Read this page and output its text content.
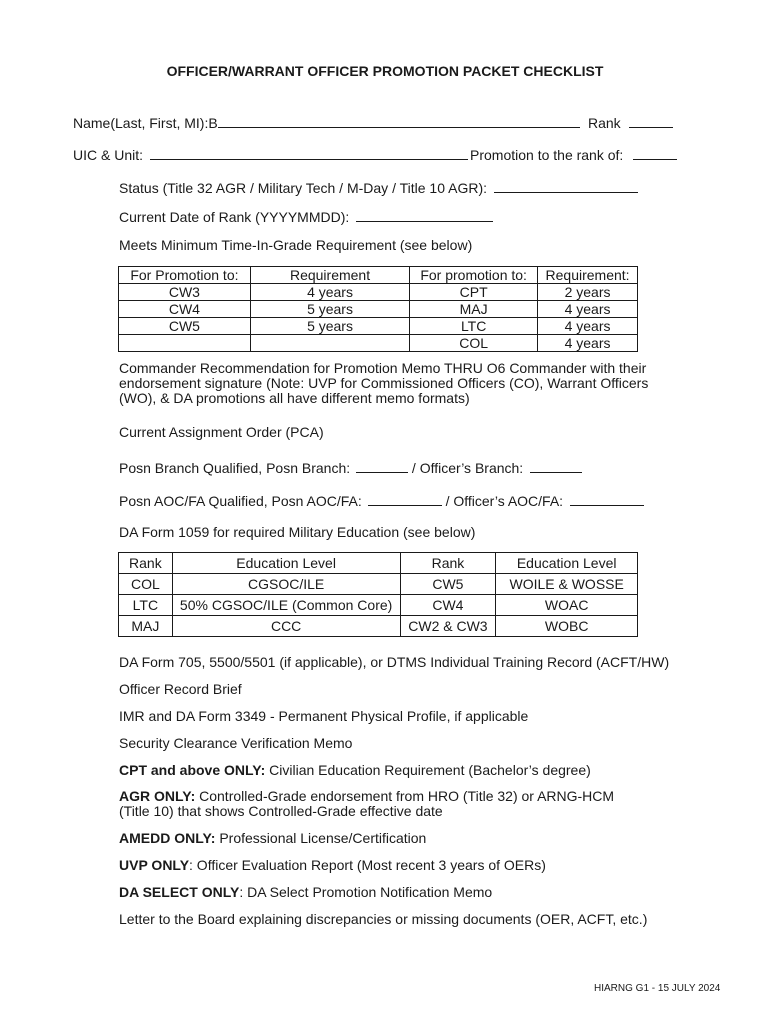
OFFICER/WARRANT OFFICER PROMOTION PACKET CHECKLIST
Name(Last, First, MI):B	Rank
UIC & Unit:	Promotion to the rank of:
Status (Title 32 AGR / Military Tech / M-Day / Title 10 AGR):
Current Date of Rank (YYYYMMDD):
Meets Minimum Time-In-Grade Requirement (see below)
For Promotion to:	Requirement	For promotion to:	Requirement:
CW3	4 years	CPT	2 years
CW4	5 years	MAJ	4 years
CW5	5 years	LTC	4 years
		COL	4 years
Commander Recommendation for Promotion Memo THRU O6 Commander with their endorsement signature (Note: UVP for Commissioned Officers (CO), Warrant Officers (WO), & DA promotions all have different memo formats)
Current Assignment Order (PCA)
Posn Branch Qualified, Posn Branch:	/ Officer’s Branch:
Posn AOC/FA Qualified, Posn AOC/FA:	/ Officer’s AOC/FA:
DA Form 1059 for required Military Education (see below)
Rank	Education Level	Rank	Education Level
COL	CGSOC/ILE	CW5	WOILE & WOSSE
LTC	50% CGSOC/ILE (Common Core)	CW4	WOAC
MAJ	CCC	CW2 & CW3	WOBC
DA Form 705, 5500/5501 (if applicable), or DTMS Individual Training Record (ACFT/HW)
Officer Record Brief
IMR and DA Form 3349 - Permanent Physical Profile, if applicable
Security Clearance Verification Memo
CPT and above ONLY: Civilian Education Requirement (Bachelor’s degree)
AGR ONLY: Controlled-Grade endorsement from HRO (Title 32) or ARNG-HCM (Title 10) that shows Controlled-Grade effective date
AMEDD ONLY: Professional License/Certification
UVP ONLY: Officer Evaluation Report (Most recent 3 years of OERs)
DA SELECT ONLY: DA Select Promotion Notification Memo
Letter to the Board explaining discrepancies or missing documents (OER, ACFT, etc.)
HIARNG G1 - 15 JULY 2024
